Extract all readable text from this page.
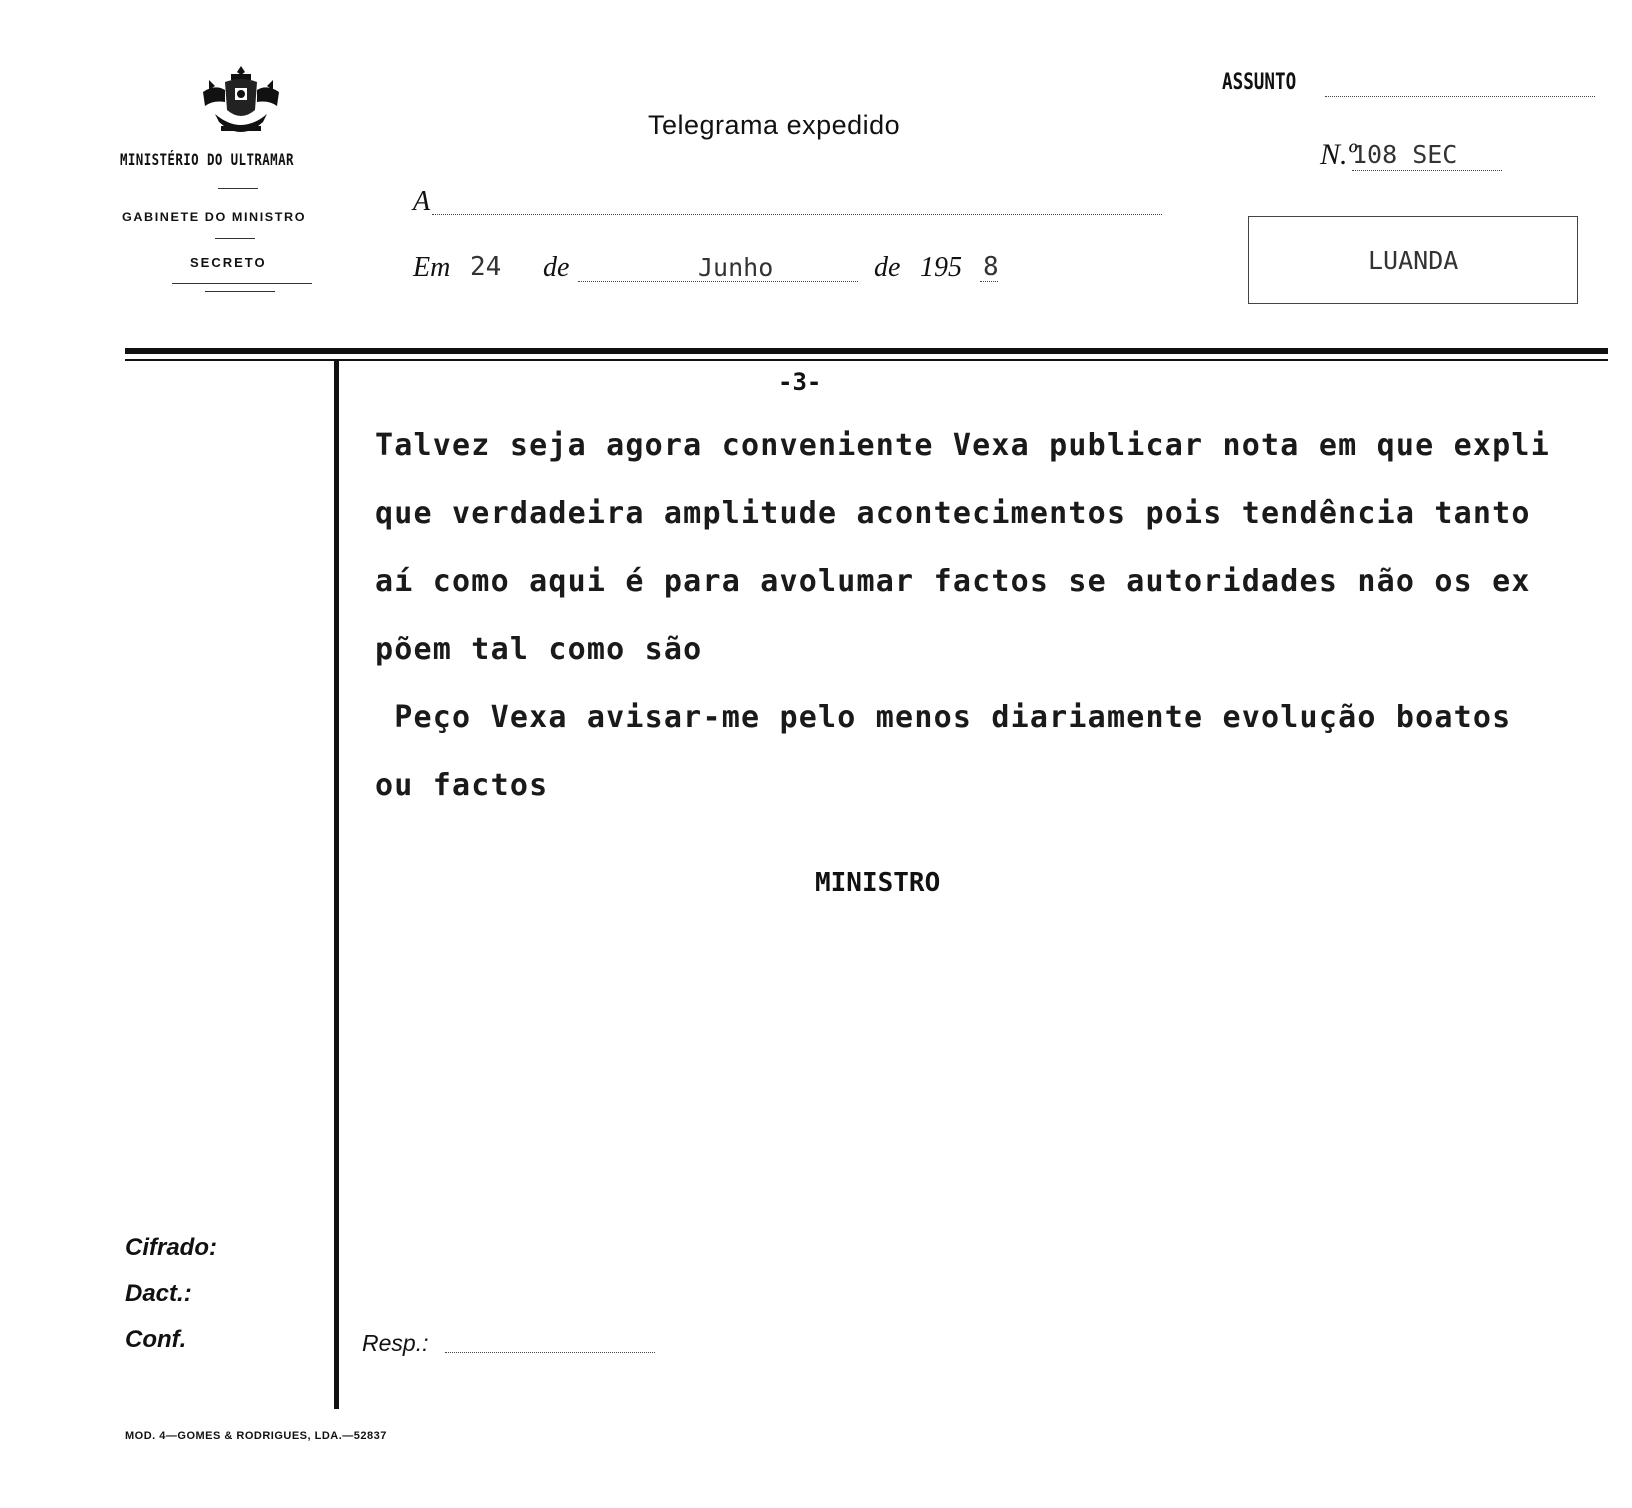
MINISTÉRIO DO ULTRAMAR
GABINETE DO MINISTRO
SECRETO
Telegrama expedido
A
Em 24 de	Junho	de 195 8
ASSUNTO
N.º
108 SEC
LUANDA
-3-
Talvez seja agora conveniente Vexa publicar nota em que expli
que verdadeira amplitude acontecimentos pois tendência tanto
aí como aqui é para avolumar factos se autoridades não os ex
põem tal como são
Peço Vexa avisar-me pelo menos diariamente evolução boatos
ou factos
MINISTRO
Cifrado:
Dact.:
Conf.	Resp.:
MOD. 4—GOMES & RODRIGUES, LDA.—52837
